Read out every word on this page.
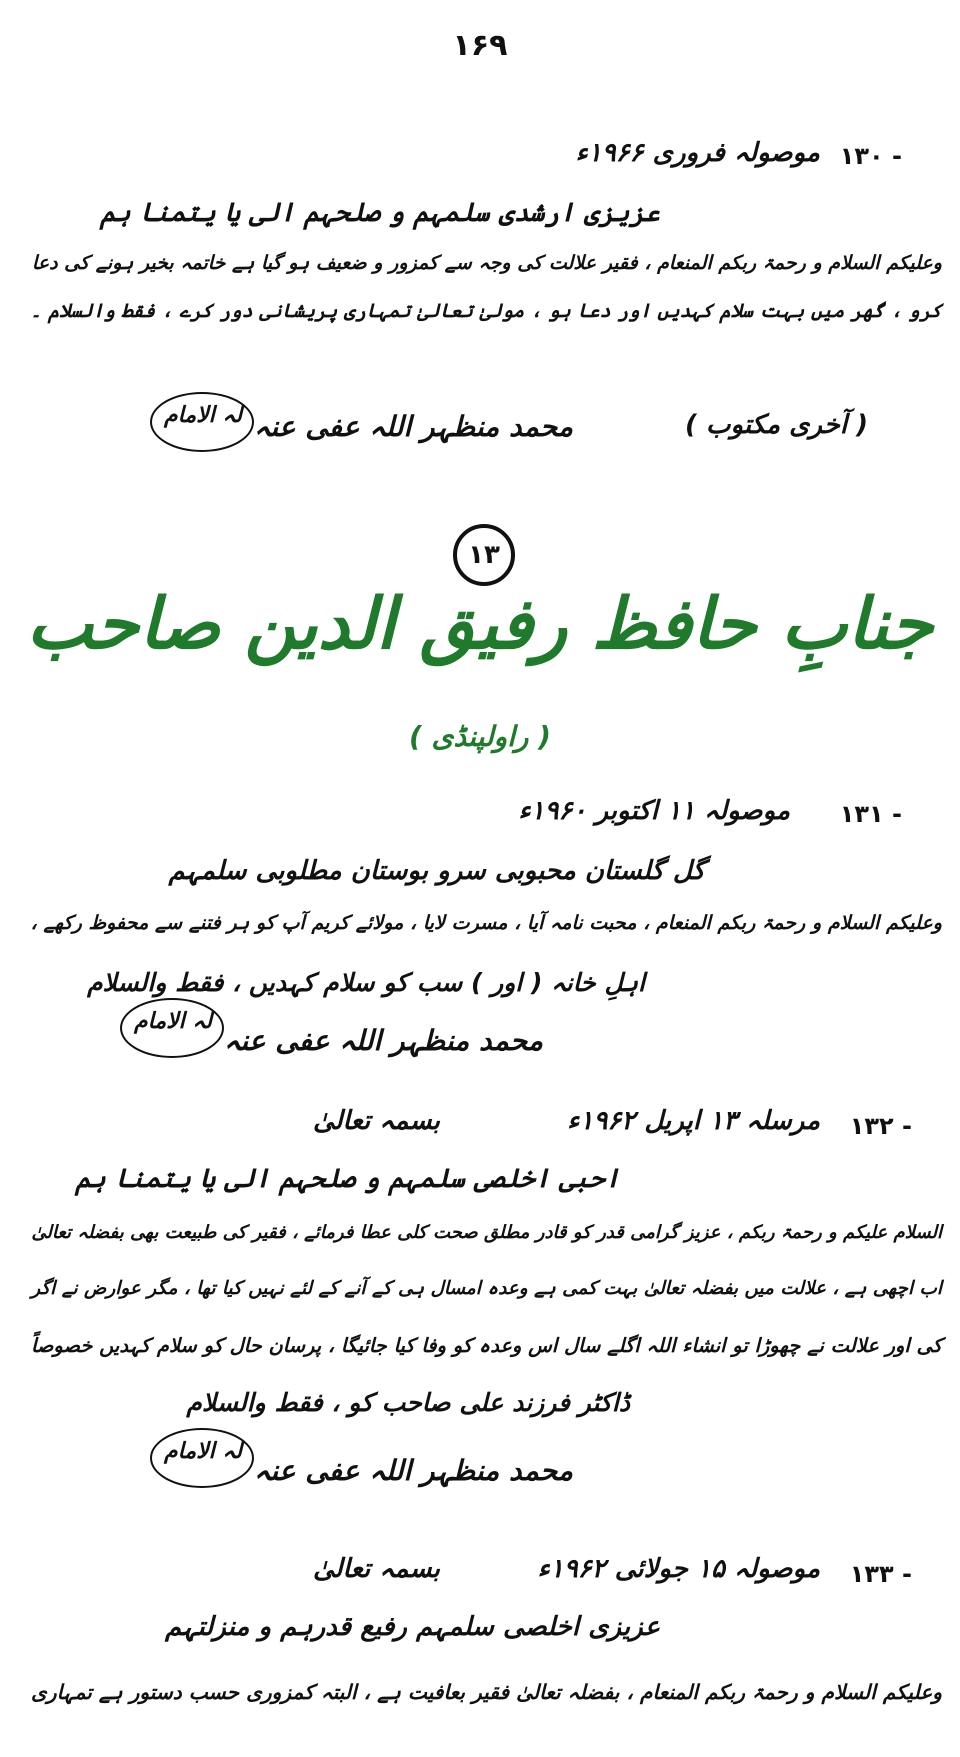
۱۶۹
۱۳۰ -
موصولہ فروری ۱۹۶۶ء
عزیزی ارشدی سلمہم و صلحہم الی یا یتمنا ہم
وعلیکم السلام و رحمۃ ربکم المنعام ، فقیر علالت کی وجہ سے کمزور و ضعیف ہو گیا ہے خاتمہ بخیر ہونے کی دعا
کرو ، گھر میں بہت سلام کہدیں اور دعا ہو ، مولیٰ تعالیٰ تمہاری پریشانی دور کرے ، فقط والسلام ۔
( آخری مکتوب )
لہ الامام محمد منظہر اللہ عفی عنہ
۱۳
جنابِ حافظ رفیق الدین صاحب
( راولپنڈی )
۱۳۱ -
موصولہ ۱۱ اکتوبر ۱۹۶۰ء
گل گلستان محبوبی سرو بوستان مطلوبی سلمہم
وعلیکم السلام و رحمۃ ربکم المنعام ، محبت نامہ آیا ، مسرت لایا ، مولائے کریم آپ کو ہر فتنے سے محفوظ رکھے ،
اہلِ خانہ ( اور ) سب کو سلام کہدیں ، فقط والسلام
لہ الامام
محمد منظہر اللہ عفی عنہ
۱۳۲ -
مرسلہ ۱۳ اپریل ۱۹۶۲ء
بسمہ تعالیٰ
احبی اخلصی سلمہم و صلحہم الی یا یتمنا ہم
السلام علیکم و رحمۃ ربکم ، عزیز گرامی قدر کو قادر مطلق صحت کلی عطا فرمائے ، فقیر کی طبیعت بھی بفضلہ تعالیٰ
اب اچھی ہے ، علالت میں بفضلہ تعالیٰ بہت کمی ہے وعدہ امسال ہی کے آنے کے لئے نہیں کیا تھا ، مگر عوارض نے اگر
کی اور علالت نے چھوڑا تو انشاء اللہ اگلے سال اس وعدہ کو وفا کیا جائیگا ، پرسان حال کو سلام کہدیں خصوصاً
ڈاکٹر فرزند علی صاحب کو ، فقط والسلام
لہ الامام
محمد منظہر اللہ عفی عنہ
۱۳۳ -
موصولہ ۱۵ جولائی ۱۹۶۲ء
بسمہ تعالیٰ
عزیزی اخلصی سلمہم رفیع قدرہم و منزلتہم
وعلیکم السلام و رحمۃ ربکم المنعام ، بفضلہ تعالیٰ فقیر بعافیت ہے ، البتہ کمزوری حسب دستور ہے تمہاری
